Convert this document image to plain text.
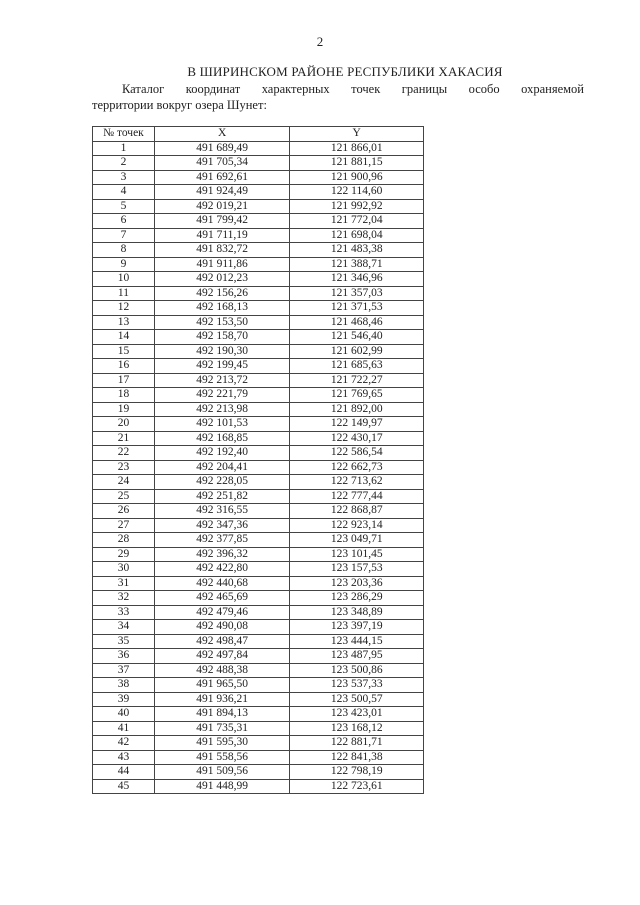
2
В ШИРИНСКОМ РАЙОНЕ РЕСПУБЛИКИ ХАКАСИЯ
Каталог координат характерных точек границы особо охраняемой
территории вокруг озера Шунет:
№ точек	X	Y
1	491 689,49	121 866,01
2	491 705,34	121 881,15
3	491 692,61	121 900,96
4	491 924,49	122 114,60
5	492 019,21	121 992,92
6	491 799,42	121 772,04
7	491 711,19	121 698,04
8	491 832,72	121 483,38
9	491 911,86	121 388,71
10	492 012,23	121 346,96
11	492 156,26	121 357,03
12	492 168,13	121 371,53
13	492 153,50	121 468,46
14	492 158,70	121 546,40
15	492 190,30	121 602,99
16	492 199,45	121 685,63
17	492 213,72	121 722,27
18	492 221,79	121 769,65
19	492 213,98	121 892,00
20	492 101,53	122 149,97
21	492 168,85	122 430,17
22	492 192,40	122 586,54
23	492 204,41	122 662,73
24	492 228,05	122 713,62
25	492 251,82	122 777,44
26	492 316,55	122 868,87
27	492 347,36	122 923,14
28	492 377,85	123 049,71
29	492 396,32	123 101,45
30	492 422,80	123 157,53
31	492 440,68	123 203,36
32	492 465,69	123 286,29
33	492 479,46	123 348,89
34	492 490,08	123 397,19
35	492 498,47	123 444,15
36	492 497,84	123 487,95
37	492 488,38	123 500,86
38	491 965,50	123 537,33
39	491 936,21	123 500,57
40	491 894,13	123 423,01
41	491 735,31	123 168,12
42	491 595,30	122 881,71
43	491 558,56	122 841,38
44	491 509,56	122 798,19
45	491 448,99	122 723,61
